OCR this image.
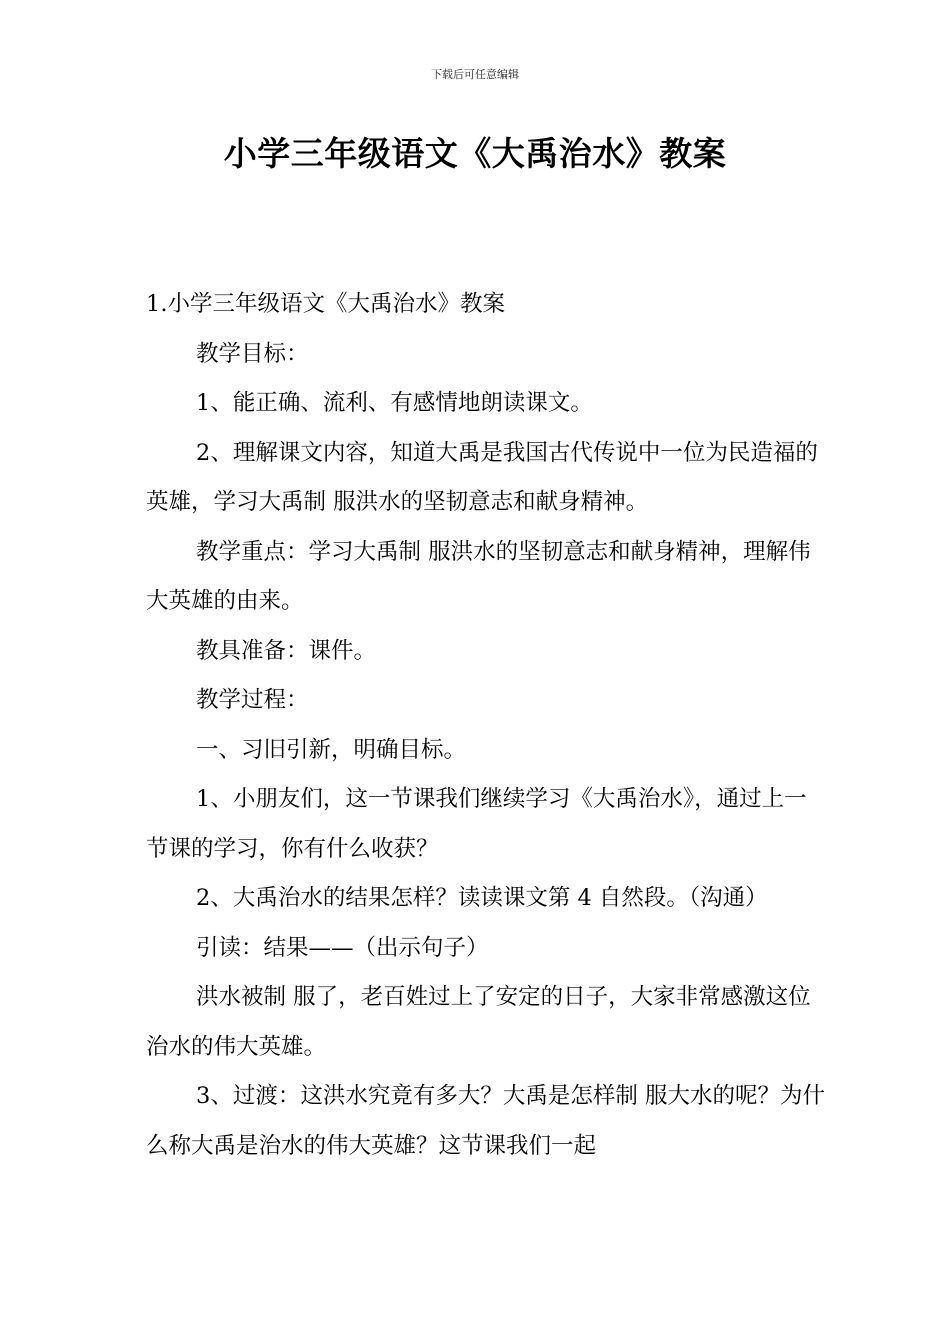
下载后可任意编辑
小学三年级语文《大禹治水》教案

1.小学三年级语文《大禹治水》教案

教学目标：

1、能正确、流利、有感情地朗读课文。

2、理解课文内容，知道大禹是我国古代传说中一位为民造福的英雄，学习大禹制 服洪水的坚韧意志和献身精神。

教学重点：学习大禹制 服洪水的坚韧意志和献身精神，理解伟大英雄的由来。

教具准备：课件。

教学过程：

一、习旧引新，明确目标。

1、小朋友们，这一节课我们继续学习《大禹治水》，通过上一节课的学习，你有什么收获？

2、大禹治水的结果怎样？读读课文第 4 自然段。（沟通）

引读：结果——（出示句子）

洪水被制 服了，老百姓过上了安定的日子，大家非常感激这位治水的伟大英雄。

3、过渡：这洪水究竟有多大？大禹是怎样制 服大水的呢？为什么称大禹是治水的伟大英雄？这节课我们一起
